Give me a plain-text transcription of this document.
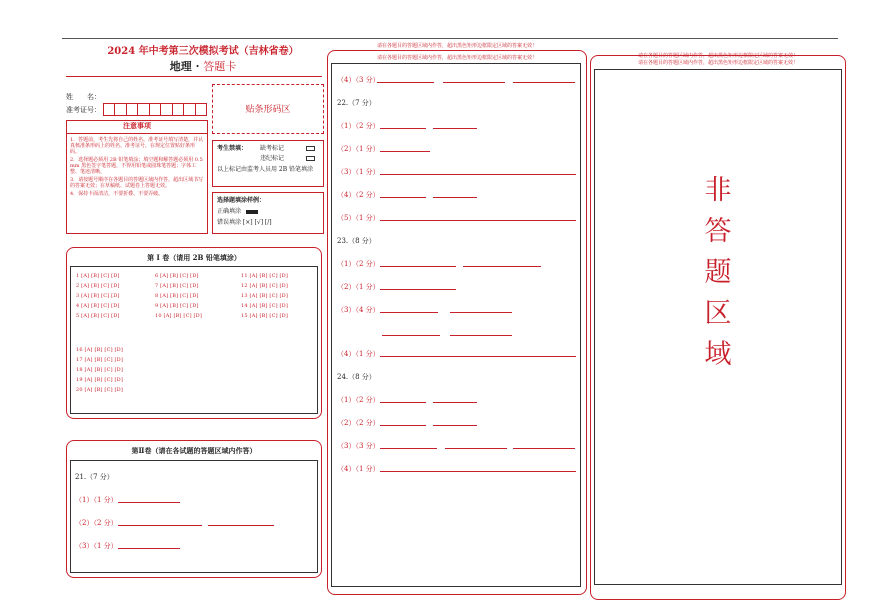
2024 年中考第三次模拟考试（吉林省卷）
地理 · 答题卡
姓　　名：
准考证号：	贴条形码区
注意事项
1．答题前，考生先将自己的姓名、准考证号填写清楚，并认真核准条形码上的姓名、准考证号，在规定位置贴好条形码。
2．选择题必须用 2B 铅笔填涂；填空题和解答题必须用 0.5 mm 黑色签字笔答题，不得用铅笔或圆珠笔答题；字体工整、笔迹清晰。
3．请按题号顺序在各题目的答题区域内作答，超出区域书写的答案无效；在草稿纸、试题卷上答题无效。
4．保持卡面清洁，不要折叠、不要弄破。
考生禁填： 缺考标记
违纪标记
以上标记由监考人员用 2B 铅笔填涂
选择题填涂样例：
正确填涂
错误填涂 [×] [√] [/]
第 Ⅰ 卷（请用 2B 铅笔填涂）
1 [A] [B] [C] [D]
2 [A] [B] [C] [D]
3 [A] [B] [C] [D]
4 [A] [B] [C] [D]
5 [A] [B] [C] [D]
6 [A] [B] [C] [D]
7 [A] [B] [C] [D]
8 [A] [B] [C] [D]
9 [A] [B] [C] [D]
10 [A] [B] [C] [D]
11 [A] [B] [C] [D]
12 [A] [B] [C] [D]
13 [A] [B] [C] [D]
14 [A] [B] [C] [D]
15 [A] [B] [C] [D]
16 [A] [B] [C] [D]
17 [A] [B] [C] [D]
18 [A] [B] [C] [D]
19 [A] [B] [C] [D]
20 [A] [B] [C] [D]
第Ⅱ卷（请在各试题的答题区域内作答）
21.（7 分）
（1）（1 分）
（2）（2 分）
（3）（1 分）
请在各题目的答题区域内作答，超出黑色矩形边框限定区域的答案无效！
请在各题目的答题区域内作答，超出黑色矩形边框限定区域的答案无效！
（4）（3 分）
22.（7 分）
（1）（2 分）
（2）（1 分）
（3）（1 分）
（4）（2 分）
（5）（1 分）
23.（8 分）
（1）（2 分）
（2）（1 分）
（3）（4 分）
（4）（1 分）
24.（8 分）
（1）（2 分）
（2）（2 分）
（3）（3 分）
（4）（1 分）
请在各题目的答题区域内作答，超出黑色矩形边框限定区域的答案无效！
请在各题目的答题区域内作答，超出黑色矩形边框限定区域的答案无效！
非
答
题
区
域
